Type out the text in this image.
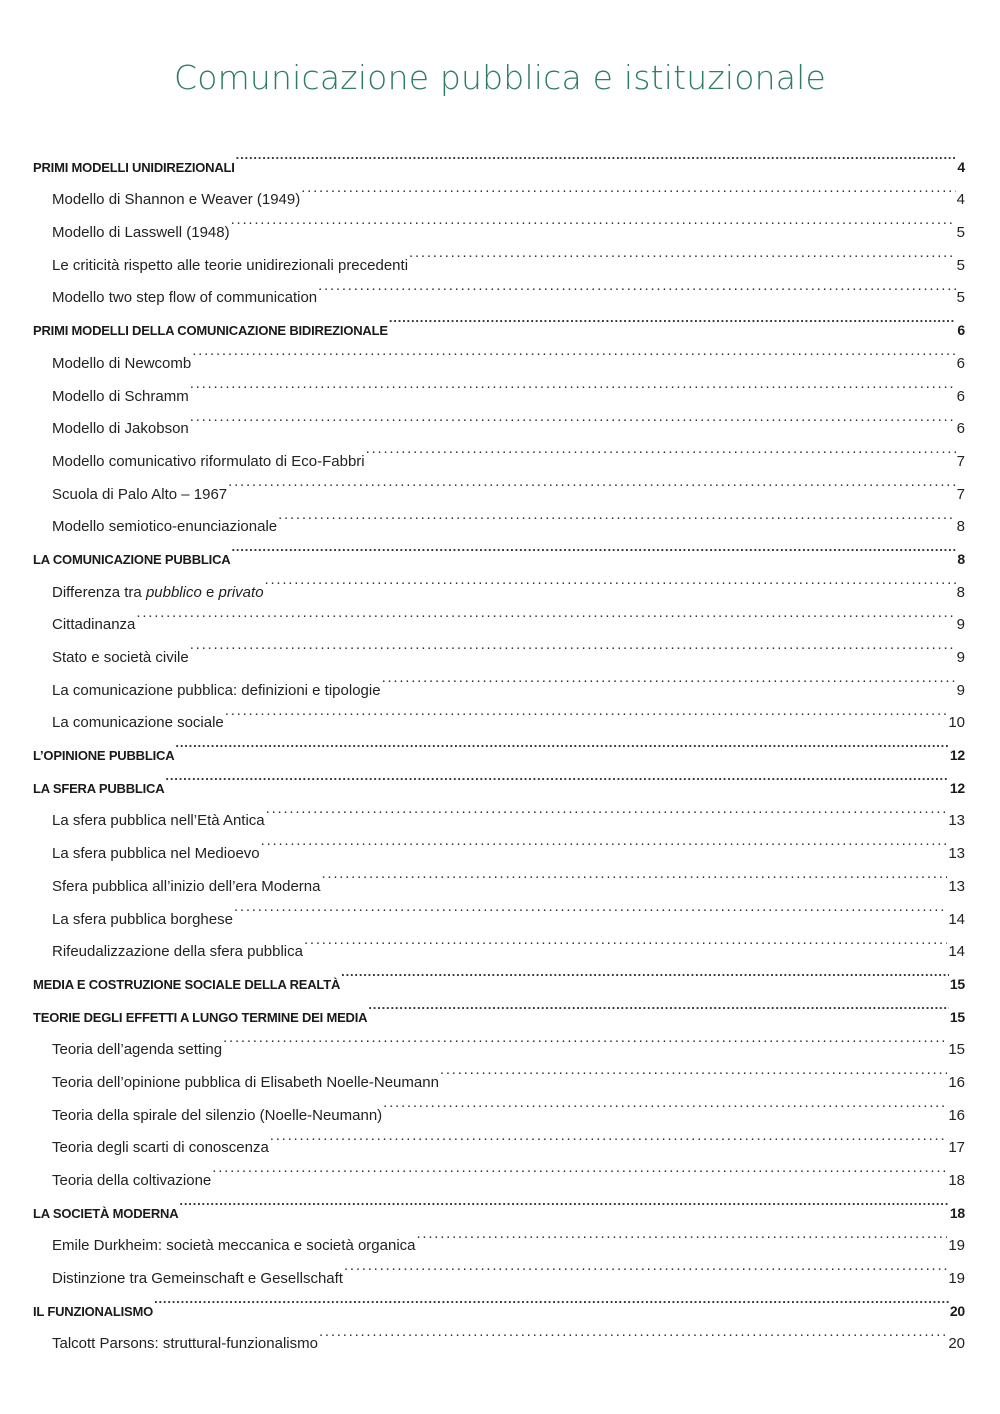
Comunicazione pubblica e istituzionale
PRIMI MODELLI UNIDIREZIONALI . . .	4
Modello di Shannon e Weaver (1949) . . .	4
Modello di Lasswell (1948) . . .	5
Le criticità rispetto alle teorie unidirezionali precedenti . . .	5
Modello two step flow of communication . . .	5
PRIMI MODELLI DELLA COMUNICAZIONE BIDIREZIONALE . . .	6
Modello di Newcomb . . .	6
Modello di Schramm . . .	6
Modello di Jakobson . . .	6
Modello comunicativo riformulato di Eco-Fabbri . . .	7
Scuola di Palo Alto – 1967 . . .	7
Modello semiotico-enunciazionale . . .	8
LA COMUNICAZIONE PUBBLICA . . .	8
Differenza tra pubblico e privato . . .	8
Cittadinanza . . .	9
Stato e società civile . . .	9
La comunicazione pubblica: definizioni e tipologie . . .	9
La comunicazione sociale . . .	10
L’OPINIONE PUBBLICA . . .	12
LA SFERA PUBBLICA . . .	12
La sfera pubblica nell’Età Antica . . .	13
La sfera pubblica nel Medioevo . . .	13
Sfera pubblica all’inizio dell’era Moderna . . .	13
La sfera pubblica borghese . . .	14
Rifeudalizzazione della sfera pubblica . . .	14
MEDIA E COSTRUZIONE SOCIALE DELLA REALTÀ . . .	15
TEORIE DEGLI EFFETTI A LUNGO TERMINE DEI MEDIA . . .	15
Teoria dell’agenda setting . . .	15
Teoria dell’opinione pubblica di Elisabeth Noelle-Neumann . . .	16
Teoria della spirale del silenzio (Noelle-Neumann) . . .	16
Teoria degli scarti di conoscenza . . .	17
Teoria della coltivazione . . .	18
LA SOCIETÀ MODERNA . . .	18
Emile Durkheim: società meccanica e società organica . . .	19
Distinzione tra Gemeinschaft e Gesellschaft . . .	19
IL FUNZIONALISMO . . .	20
Talcott Parsons: struttural-funzionalismo . . .	20
